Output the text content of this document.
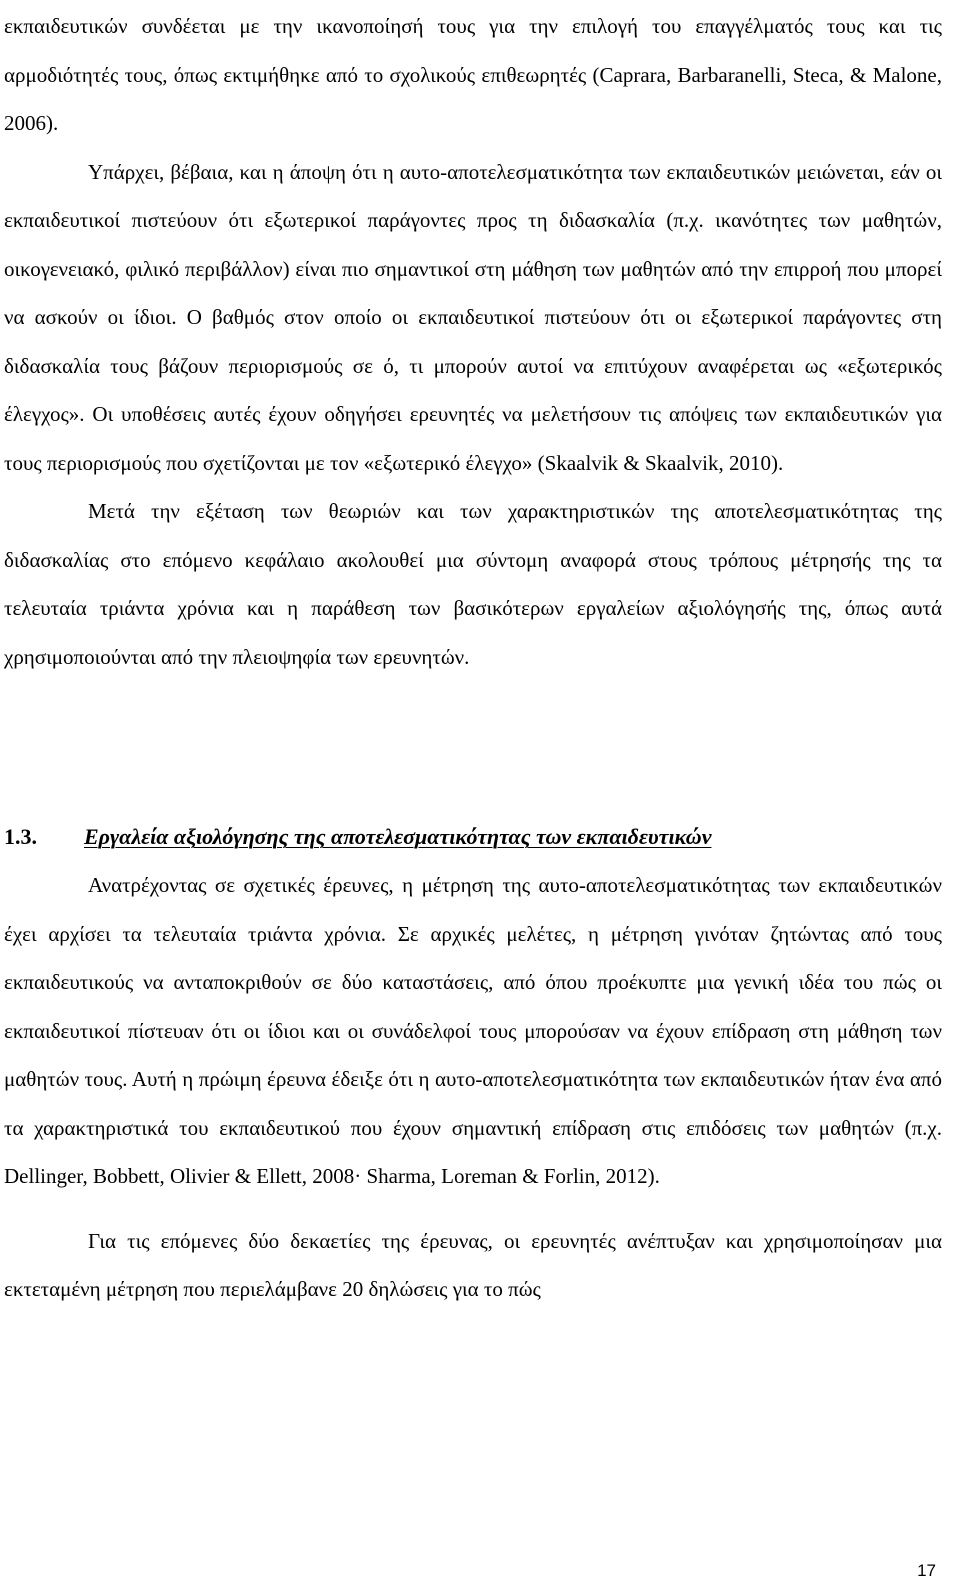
εκπαιδευτικών συνδέεται με την ικανοποίησή τους για την επιλογή του επαγγέλματός τους και τις αρμοδιότητές τους, όπως εκτιμήθηκε από το σχολικούς επιθεωρητές (Caprara, Barbaranelli, Steca, & Malone, 2006).

Υπάρχει, βέβαια, και η άποψη ότι η αυτο-αποτελεσματικότητα των εκπαιδευτικών μειώνεται, εάν οι εκπαιδευτικοί πιστεύουν ότι εξωτερικοί παράγοντες προς τη διδασκαλία (π.χ. ικανότητες των μαθητών, οικογενειακό, φιλικό περιβάλλον) είναι πιο σημαντικοί στη μάθηση των μαθητών από την επιρροή που μπορεί να ασκούν οι ίδιοι. Ο βαθμός στον οποίο οι εκπαιδευτικοί πιστεύουν ότι οι εξωτερικοί παράγοντες στη διδασκαλία τους βάζουν περιορισμούς σε ό, τι μπορούν αυτοί να επιτύχουν αναφέρεται ως «εξωτερικός έλεγχος». Οι υποθέσεις αυτές έχουν οδηγήσει ερευνητές να μελετήσουν τις απόψεις των εκπαιδευτικών για τους περιορισμούς που σχετίζονται με τον «εξωτερικό έλεγχο» (Skaalvik & Skaalvik, 2010).

Μετά την εξέταση των θεωριών και των χαρακτηριστικών της αποτελεσματικότητας της διδασκαλίας στο επόμενο κεφάλαιο ακολουθεί μια σύντομη αναφορά στους τρόπους μέτρησής της τα τελευταία τριάντα χρόνια και η παράθεση των βασικότερων εργαλείων αξιολόγησής της, όπως αυτά χρησιμοποιούνται από την πλειοψηφία των ερευνητών.

1.3. Εργαλεία αξιολόγησης της αποτελεσματικότητας των εκπαιδευτικών

Ανατρέχοντας σε σχετικές έρευνες, η μέτρηση της αυτο-αποτελεσματικότητας των εκπαιδευτικών έχει αρχίσει τα τελευταία τριάντα χρόνια. Σε αρχικές μελέτες, η μέτρηση γινόταν ζητώντας από τους εκπαιδευτικούς να ανταποκριθούν σε δύο καταστάσεις, από όπου προέκυπτε μια γενική ιδέα του πώς οι εκπαιδευτικοί πίστευαν ότι οι ίδιοι και οι συνάδελφοί τους μπορούσαν να έχουν επίδραση στη μάθηση των μαθητών τους. Αυτή η πρώιμη έρευνα έδειξε ότι η αυτο-αποτελεσματικότητα των εκπαιδευτικών ήταν ένα από τα χαρακτηριστικά του εκπαιδευτικού που έχουν σημαντική επίδραση στις επιδόσεις των μαθητών (π.χ. Dellinger, Bobbett, Olivier & Ellett, 2008· Sharma, Loreman & Forlin, 2012).

Για τις επόμενες δύο δεκαετίες της έρευνας, οι ερευνητές ανέπτυξαν και χρησιμοποίησαν μια εκτεταμένη μέτρηση που περιελάμβανε 20 δηλώσεις για το πώς

17
